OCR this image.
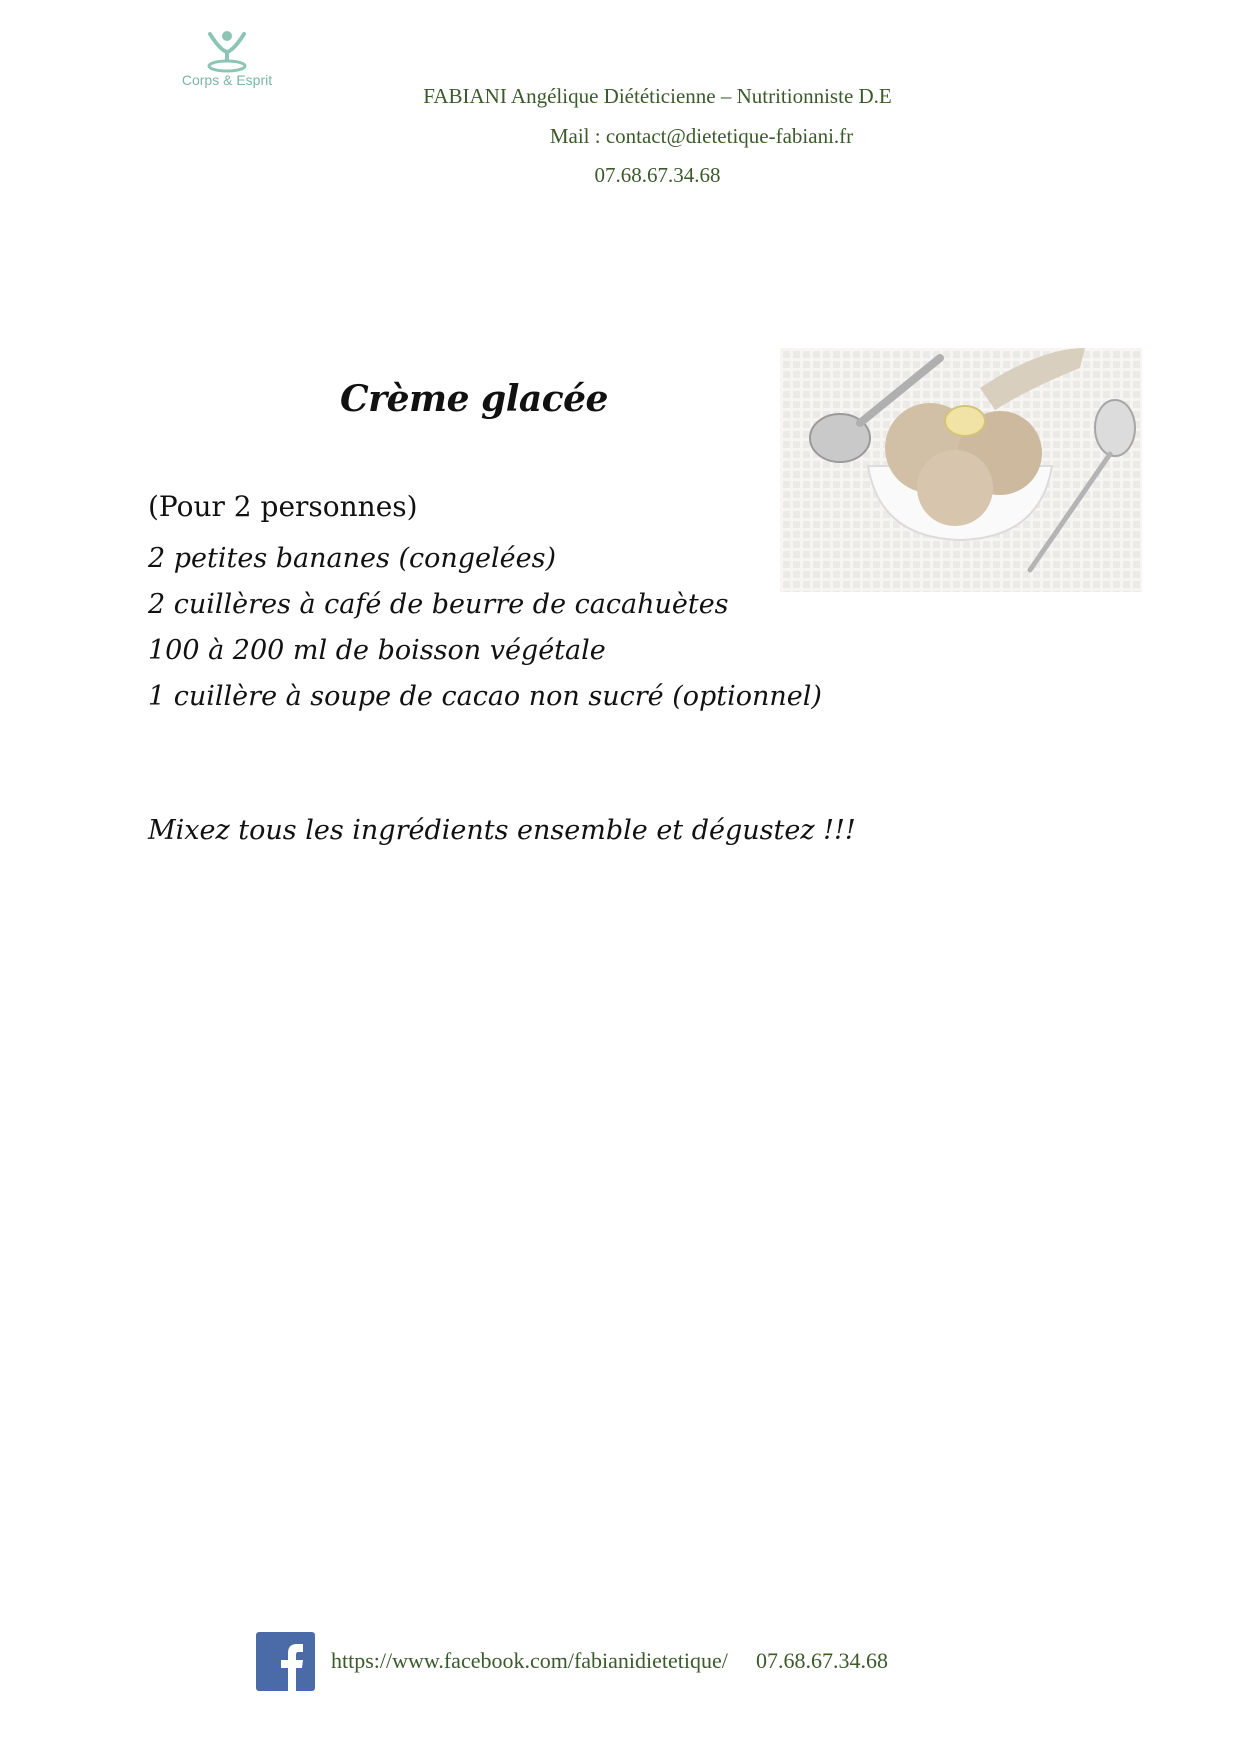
Corps & Esprit
FABIANI Angélique Diététicienne – Nutritionniste D.E
Mail : contact@dietetique-fabiani.fr
07.68.67.34.68
Crème glacée
(Pour 2 personnes)
2 petites bananes (congelées)
2 cuillères à café de beurre de cacahuètes
100 à 200 ml de boisson végétale
1 cuillère à soupe de cacao non sucré (optionnel)
Mixez tous les ingrédients ensemble et dégustez !!!
https://www.facebook.com/fabianidietetique/ 07.68.67.34.68
